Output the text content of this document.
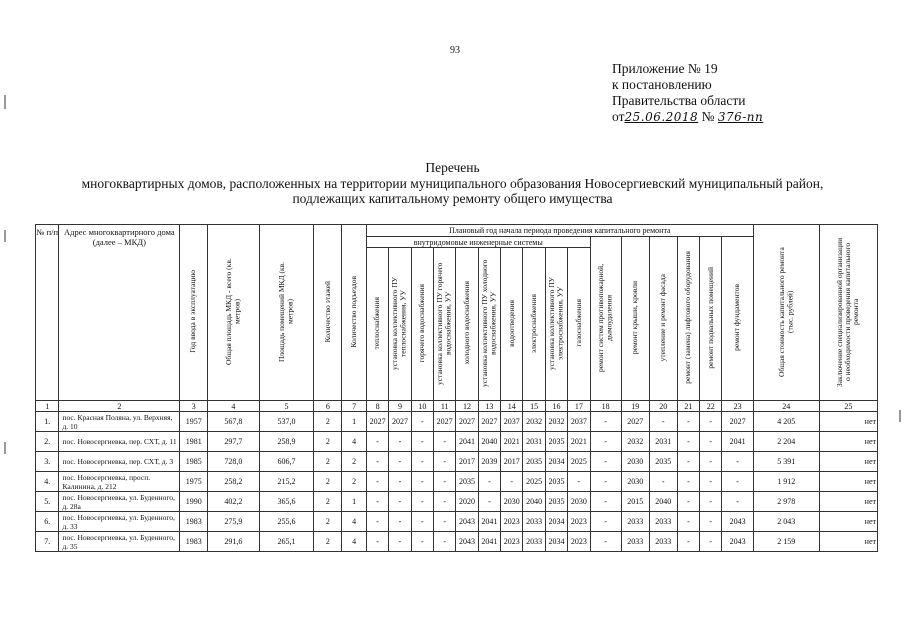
93
Приложение № 19
к постановлению
Правительства области
от25.06.2018 № 376-пп
Перечень
многоквартирных домов, расположенных на территории муниципального образования Новосергиевский муниципальный район,
подлежащих капитальному ремонту общего имущества
№ п/п	Адрес многоквартирного дома (далее – МКД)	Год ввода в эксплуатацию	Общая площадь МКД - всего (кв. метров)	Площадь помещений МКД (кв. метров)	Количество этажей	Количество подъездов	Плановый год начала периода проведения капитального ремонта																Общая стоимость капитального ремонта (тыс. рублей)	Заключение специализированной организации о необходимости проведения капитального ремонта
							внутридомовые инженерные системы										ремонт систем противопожарной, дымоудаления	ремонт крыши, кровли	утепление и ремонт фасада	ремонт (замена) лифтового оборудования	ремонт подвальных помещений	ремонт фундаментов		
							теплоснабжения	установка коллективного ПУ теплоснабжения, УУ	горячего водоснабжения	установка коллективного ПУ горячего водоснабжения, УУ	холодного водоснабжения	установка коллективного ПУ холодного водоснабжения, УУ	водоотведения	электроснабжения	установка коллективного ПУ электроснабжения, УУ	газоснабжения								
1	2	3	4	5	6	7	8	9	10	11	12	13	14	15	16	17	18	19	20	21	22	23	24	25
1.	пос. Красная Поляна, ул. Верхняя, д. 10	1957	567,8	537,0	2	1	2027	2027	-	2027	2027	2027	2037	2032	2032	2037	-	2027	-	-	-	2027	4 205	нет
2.	пос. Новосергиевка, пер. СХТ, д. 11	1981	297,7	258,9	2	4	-	-	-	-	2041	2040	2021	2031	2035	2021	-	2032	2031	-	-	2041	2 204	нет
3.	пос. Новосергиевка, пер. СХТ, д. 3	1985	728,0	606,7	2	2	-	-	-	-	2017	2039	2017	2035	2034	2025	-	2030	2035	-	-	-	5 391	нет
4.	пос. Новосергиевка, просп. Калинина, д. 212	1975	258,2	215,2	2	2	-	-	-	-	2035	-	-	2025	2035	-	-	2030	-	-	-	-	1 912	нет
5.	пос. Новосергиевка, ул. Буденного, д. 28а	1990	402,2	365,6	2	1	-	-	-	-	2020	-	2030	2040	2035	2030	-	2015	2040	-	-	-	2 978	нет
6.	пос. Новосергиевка, ул. Буденного, д. 33	1983	275,9	255,6	2	4	-	-	-	-	2043	2041	2023	2033	2034	2023	-	2033	2033	-	-	2043	2 043	нет
7.	пос. Новосергиевка, ул. Буденного, д. 35	1983	291,6	265,1	2	4	-	-	-	-	2043	2041	2023	2033	2034	2023	-	2033	2033	-	-	2043	2 159	нет
